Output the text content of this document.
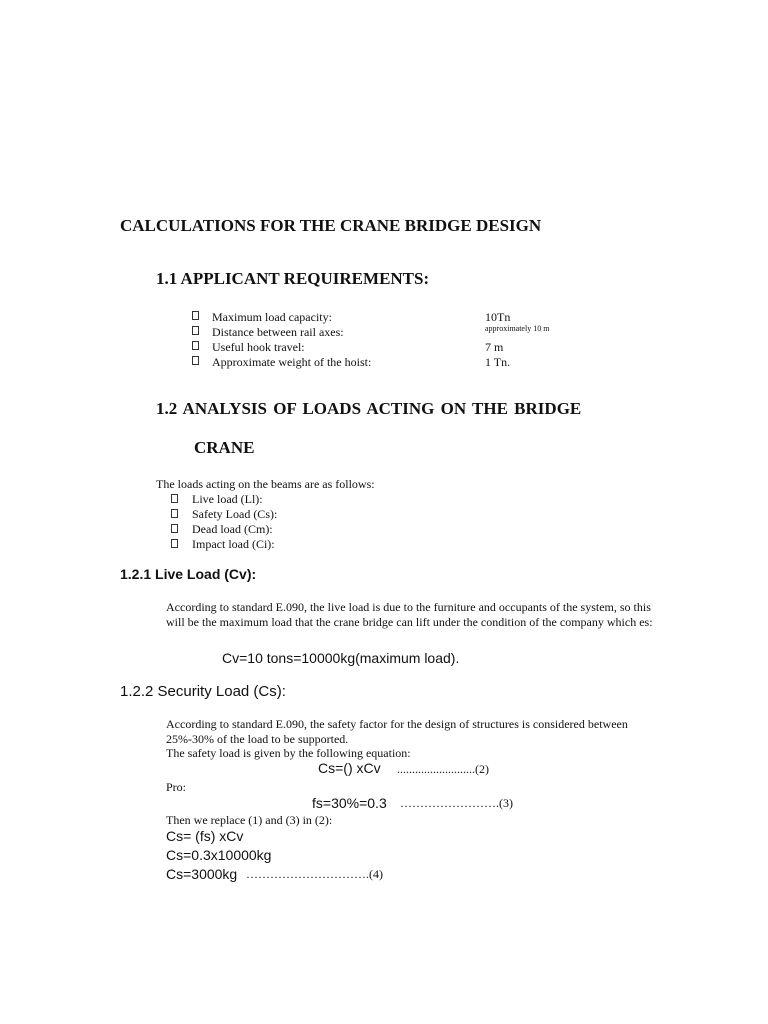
CALCULATIONS FOR THE CRANE BRIDGE DESIGN
1.1 APPLICANT REQUIREMENTS:
Maximum load capacity:	10Tn
Distance between rail axes:	approximately 10 m
Useful hook travel:	7 m
Approximate weight of the hoist:	1 Tn.
1.2 ANALYSIS OF LOADS ACTING ON THE BRIDGE
CRANE
The loads acting on the beams are as follows:
Live load (Ll):
Safety Load (Cs):
Dead load (Cm):
Impact load (Ci):
1.2.1 Live Load (Cv):
According to standard E.090, the live load is due to the furniture and occupants of the system, so this will be the maximum load that the crane bridge can lift under the condition of the company which es:
Cv=10 tons=10000kg(maximum load).
1.2.2 Security Load (Cs):
According to standard E.090, the safety factor for the design of structures is considered between 25%-30% of the load to be supported.
The safety load is given by the following equation:
Cs=() xCv ..........................(2)
Pro:
fs=30%=0.3 …………………….(3)
Then we replace (1) and (3) in (2):
Cs= (fs) xCv
Cs=0.3x10000kg
Cs=3000kg ………………………….(4)
